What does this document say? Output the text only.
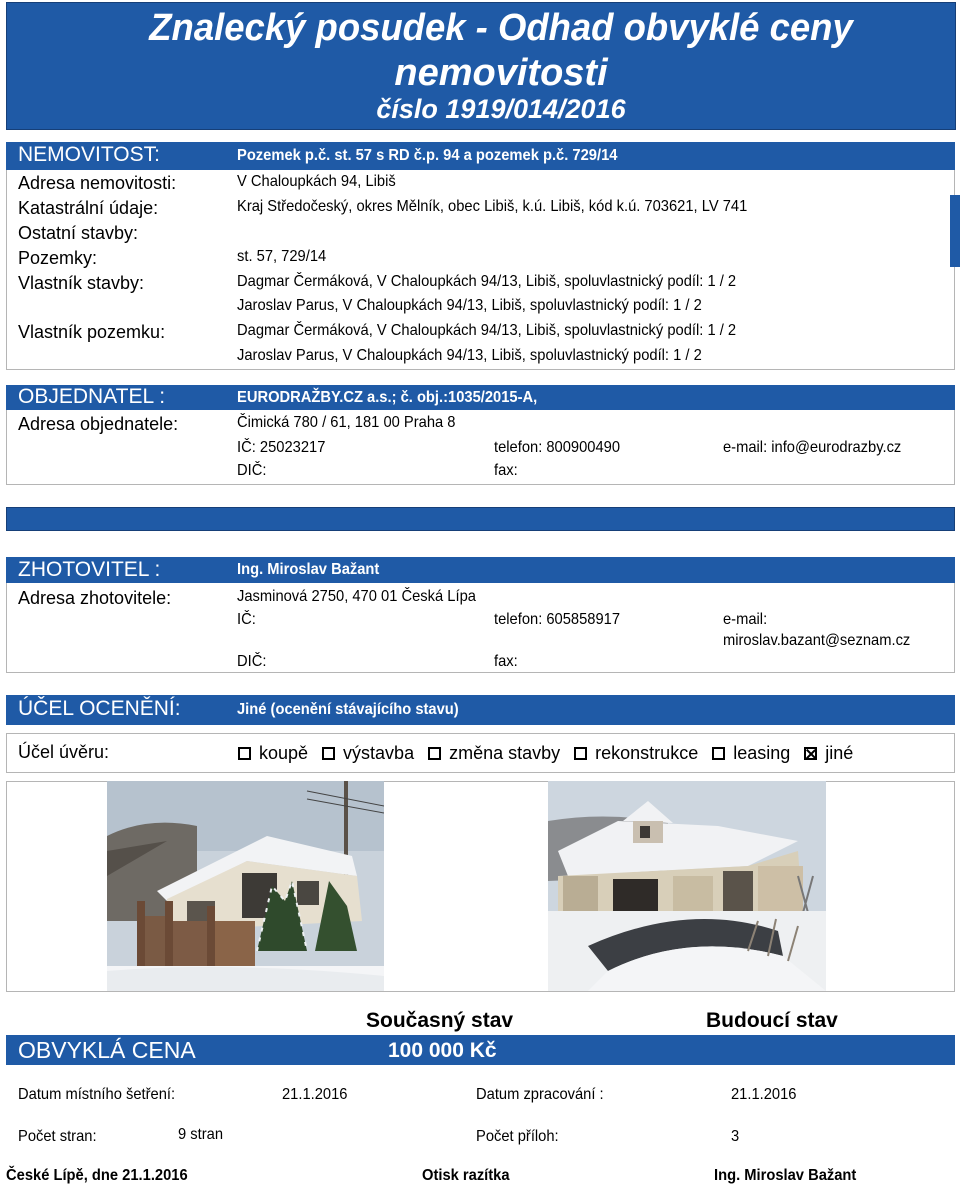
Znalecký posudek - Odhad obvyklé ceny
nemovitosti
číslo 1919/014/2016
NEMOVITOST:	Pozemek p.č. st. 57 s RD č.p. 94 a pozemek p.č. 729/14
Adresa nemovitosti:	V Chaloupkách 94, Libiš
Katastrální údaje:	Kraj Středočeský, okres Mělník, obec Libiš, k.ú. Libiš, kód k.ú. 703621, LV 741
Ostatní stavby:
Pozemky:	st. 57, 729/14
Vlastník stavby:	Dagmar Čermáková, V Chaloupkách 94/13, Libiš, spoluvlastnický podíl: 1 / 2
Jaroslav Parus, V Chaloupkách 94/13, Libiš, spoluvlastnický podíl: 1 / 2
Vlastník pozemku:	Dagmar Čermáková, V Chaloupkách 94/13, Libiš, spoluvlastnický podíl: 1 / 2
Jaroslav Parus, V Chaloupkách 94/13, Libiš, spoluvlastnický podíl: 1 / 2
OBJEDNATEL :	EURODRAŽBY.CZ a.s.; č. obj.:1035/2015-A,
Adresa objednatele:	Čimická 780 / 61, 181 00 Praha 8
IČ: 25023217	telefon: 800900490	e-mail: info@eurodrazby.cz
DIČ:	fax:
ZHOTOVITEL :	Ing. Miroslav Bažant
Adresa zhotovitele:	Jasminová 2750, 470 01 Česká Lípa
IČ:	telefon: 605858917	e-mail:
miroslav.bazant@seznam.cz
DIČ:	fax:
ÚČEL OCENĚNÍ:	Jiné (ocenění stávajícího stavu)
Účel úvěru:	koupě výstavba změna stavby rekonstrukce leasing jiné
Současný stav	Budoucí stav
OBVYKLÁ CENA	100 000 Kč
Datum místního šetření:	21.1.2016	Datum zpracování :	21.1.2016
Počet stran:	9 stran	Počet příloh:	3
České Lípě, dne 21.1.2016	Otisk razítka	Ing. Miroslav Bažant
